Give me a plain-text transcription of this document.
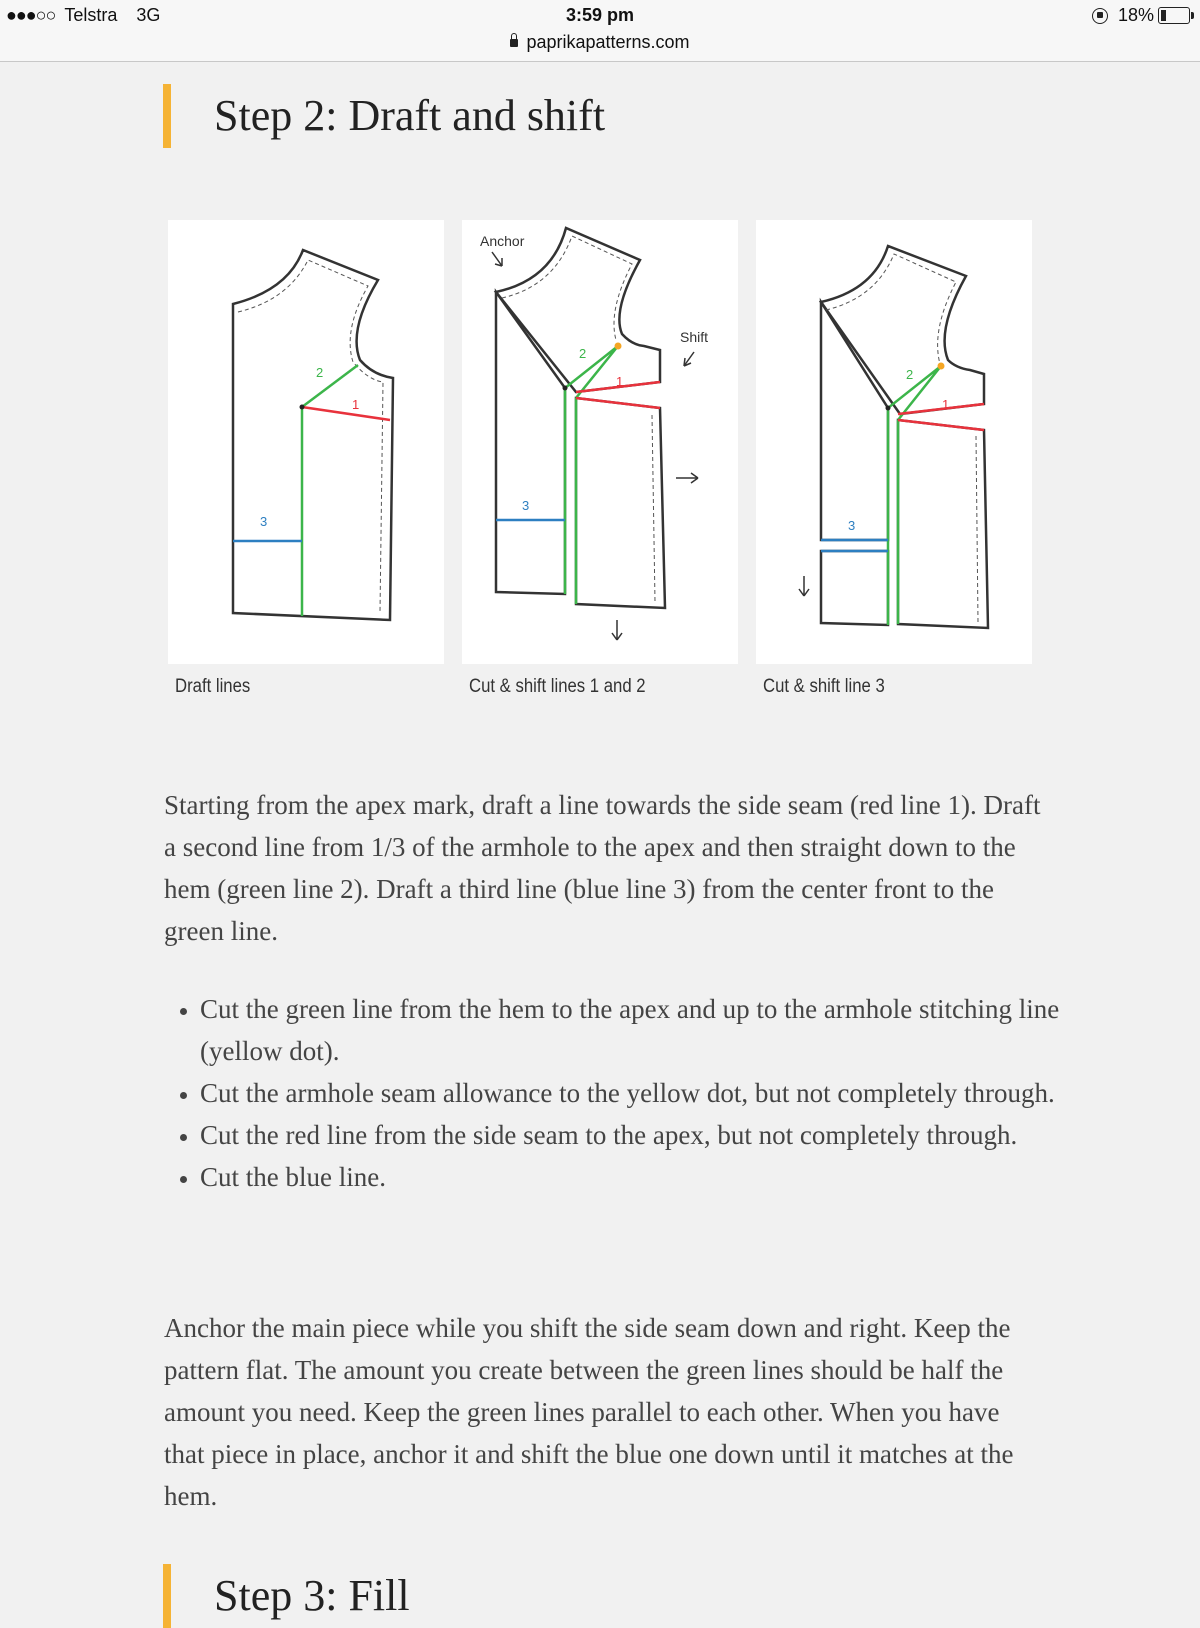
●●●○○ Telstra 3G	3:59 pm
paprikapatterns.com
18%
Step 2: Draft and shift
2
1
3
Anchor
Shift
2
1
3
2
1
3
Draft lines	Cut & shift lines 1 and 2	Cut & shift line 3

Starting from the apex mark, draft a line towards the side seam (red line 1). Draft a second line from 1/3 of the armhole to the apex and then straight down to the hem (green line 2). Draft a third line (blue line 3) from the center front to the green line.

• Cut the green line from the hem to the apex and up to the armhole stitching line (yellow dot).
• Cut the armhole seam allowance to the yellow dot, but not completely through.
• Cut the red line from the side seam to the apex, but not completely through.
• Cut the blue line.

Anchor the main piece while you shift the side seam down and right. Keep the pattern flat. The amount you create between the green lines should be half the amount you need. Keep the green lines parallel to each other. When you have that piece in place, anchor it and shift the blue one down until it matches at the hem.

Step 3: Fill
